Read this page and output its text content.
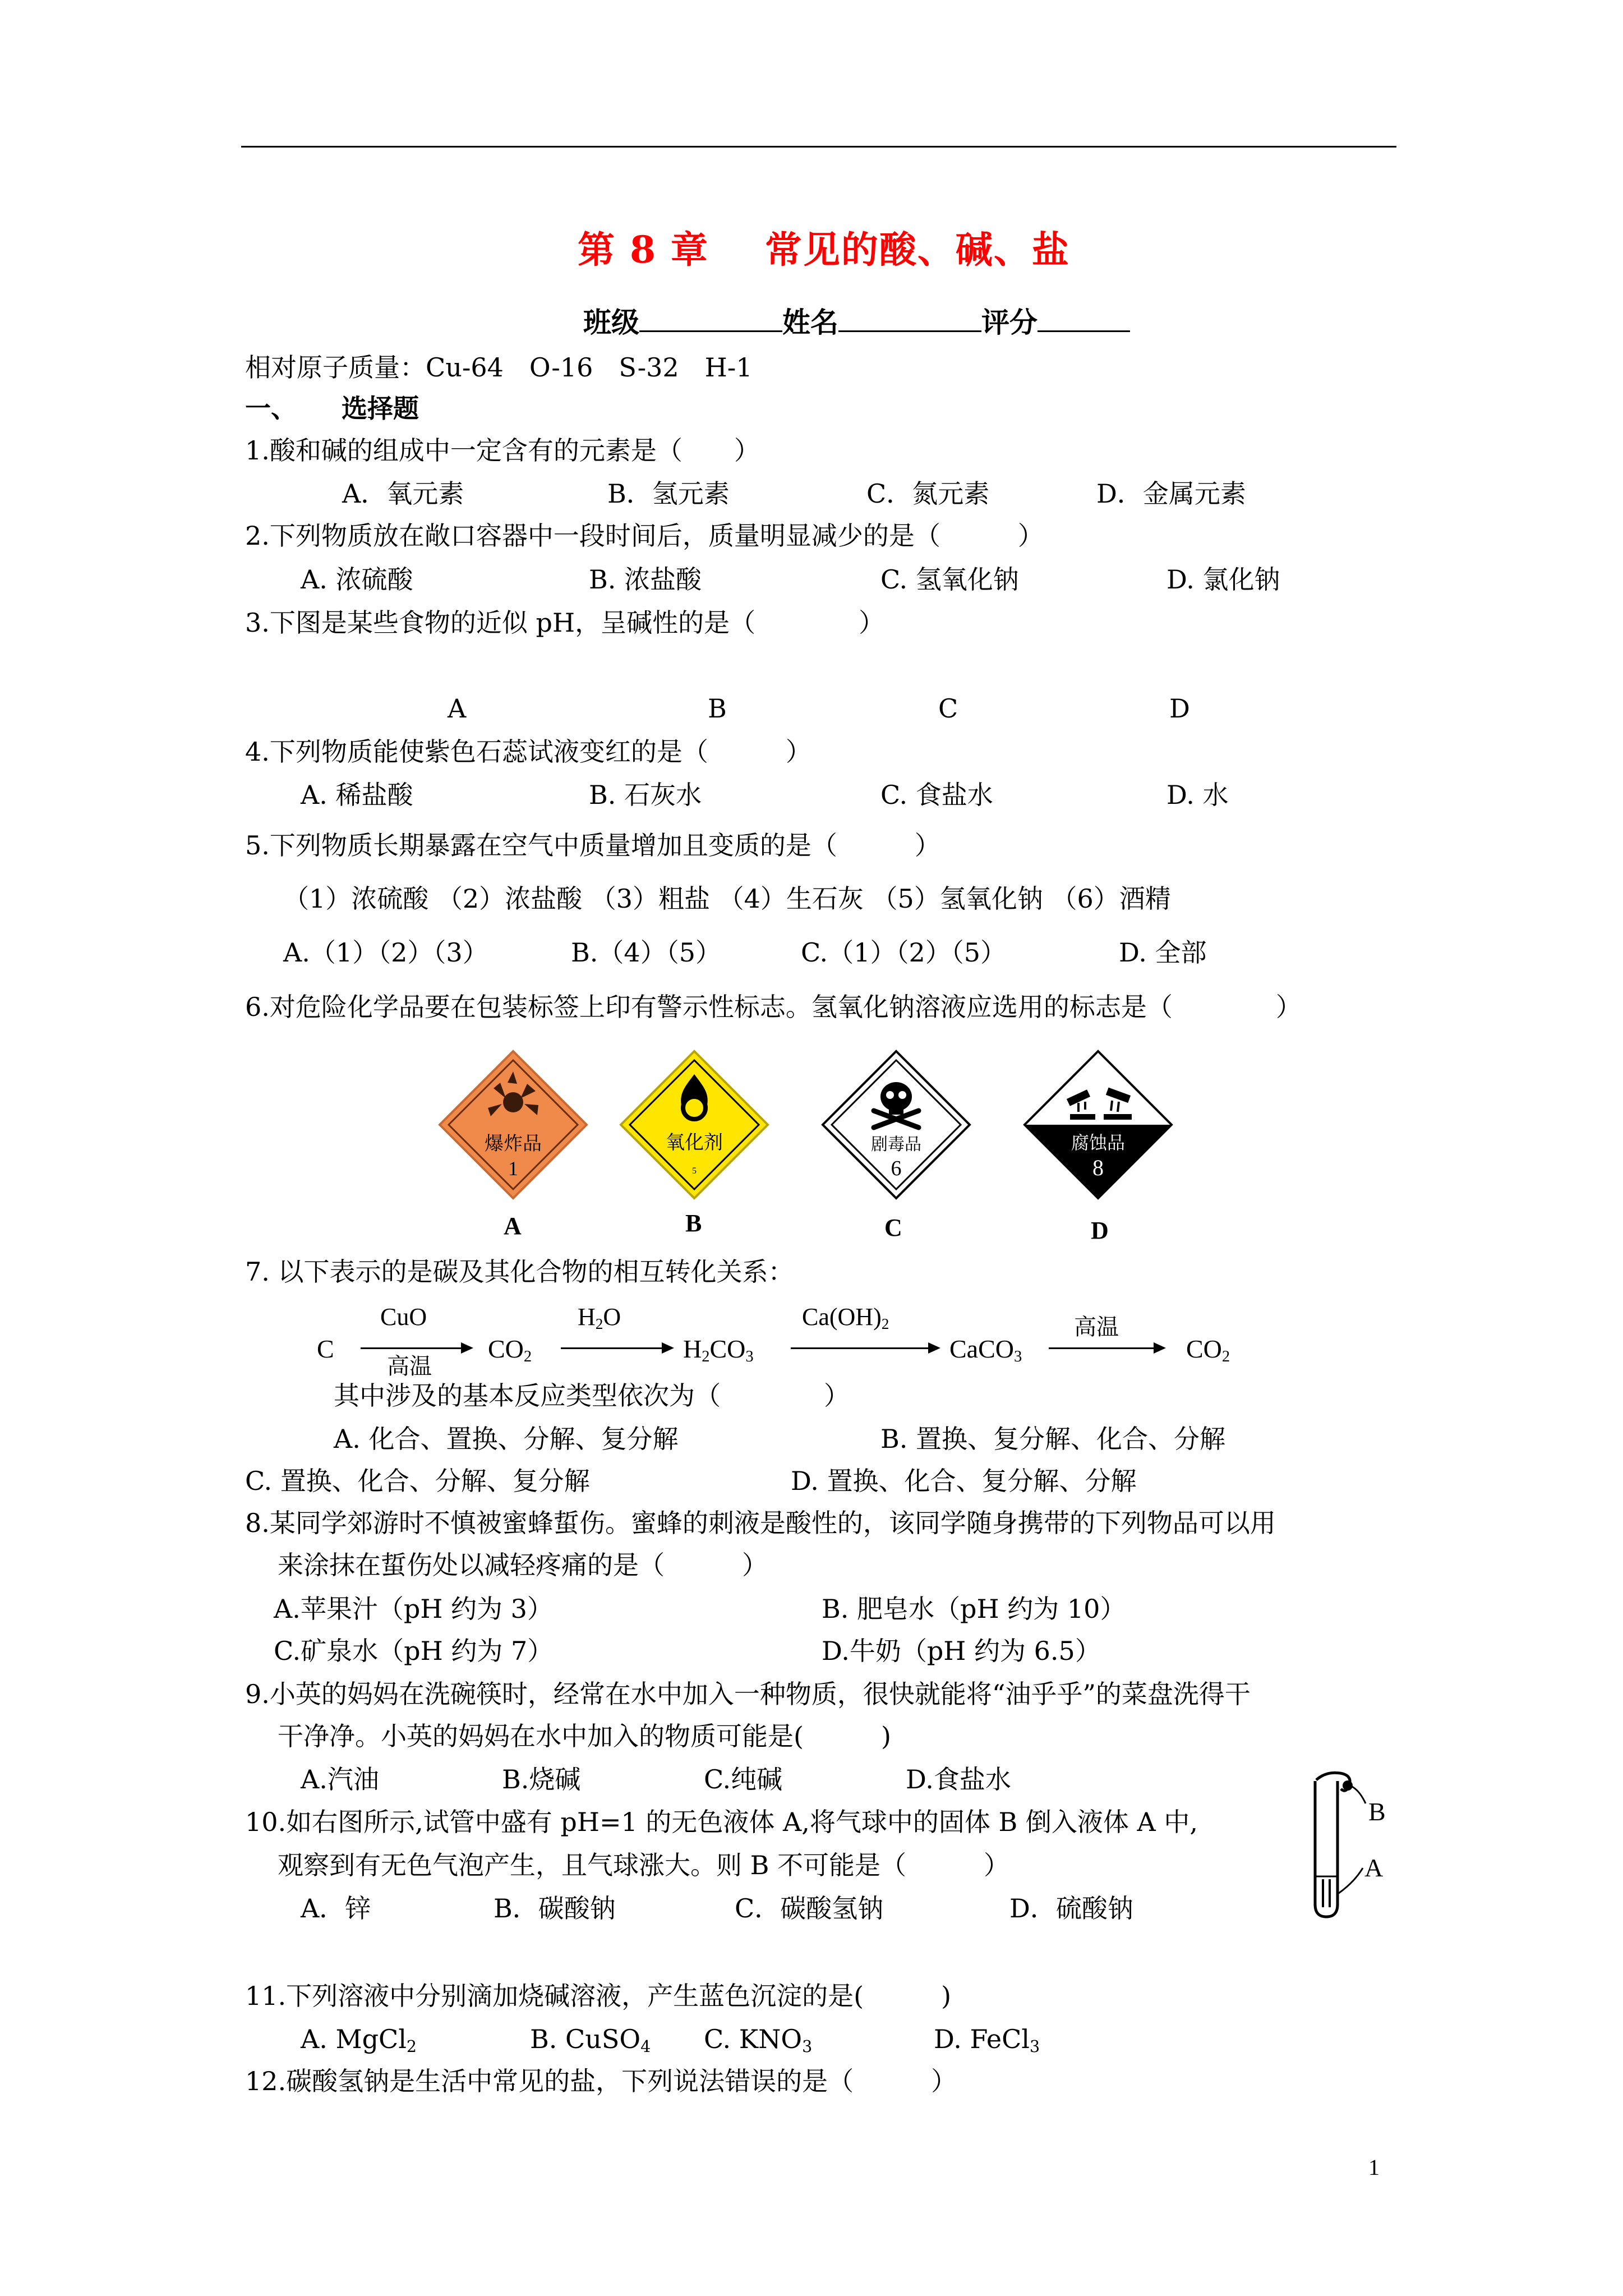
第 8 章 常见的酸、碱、盐
班级	姓名	评分
相对原子质量：Cu-64　O-16　S-32　H-1
一、 选择题
1.酸和碱的组成中一定含有的元素是（　　）
A．氧元素	B．氢元素	C．氮元素	D．金属元素
2.下列物质放在敞口容器中一段时间后，质量明显减少的是（　　　）
A. 浓硫酸	B. 浓盐酸	C. 氢氧化钠	D. 氯化钠
3.下图是某些食物的近似 pH，呈碱性的是（　　　　）
A	B	C	D
4.下列物质能使紫色石蕊试液变红的是（　　　）
A. 稀盐酸	B. 石灰水	C. 食盐水	D. 水
5.下列物质长期暴露在空气中质量增加且变质的是（　　　）
（1）浓硫酸 （2）浓盐酸 （3）粗盐 （4）生石灰 （5）氢氧化钠 （6）酒精
A.（1）（2）（3）	B.（4）（5）	C.（1）（2）（5）	D. 全部
6.对危险化学品要在包装标签上印有警示性标志。氢氧化钠溶液应选用的标志是（　　　　）
爆炸品
1
A
氧化剂
5
B
剧毒品
6
C
腐蚀品
8
D
7. 以下表示的是碳及其化合物的相互转化关系：
C
CuO
高温
$CO_2$
$H_2O$
$H_2CO_3$
$Ca(OH)_2$
CaCO$_3$
高温
$CO_2$
其中涉及的基本反应类型依次为（　　　　）
A. 化合、置换、分解、复分解	B. 置换、复分解、化合、分解
C. 置换、化合、分解、复分解	D. 置换、化合、复分解、分解
8.某同学郊游时不慎被蜜蜂蜇伤。蜜蜂的刺液是酸性的，该同学随身携带的下列物品可以用
来涂抹在蜇伤处以减轻疼痛的是（　　　）
A.苹果汁（pH 约为 3）	B. 肥皂水（pH 约为 10）
C.矿泉水（pH 约为 7）	D.牛奶（pH 约为 6.5）
9.小英的妈妈在洗碗筷时，经常在水中加入一种物质，很快就能将“油乎乎”的菜盘洗得干
干净净。小英的妈妈在水中加入的物质可能是(　　　)
A.汽油	B.烧碱	C.纯碱	D.食盐水
10.如右图所示,试管中盛有 pH=1 的无色液体 A,将气球中的固体 B 倒入液体 A 中,
观察到有无色气泡产生，且气球涨大。则 B 不可能是（　　　）
A．锌	B．碳酸钠	C．碳酸氢钠	D．硫酸钠
B
A
11.下列溶液中分别滴加烧碱溶液，产生蓝色沉淀的是(　　　)
A. MgCl$_2$	B. CuSO$_4$ C. $KNO_3$	D. FeCl$_3$
12.碳酸氢钠是生活中常见的盐，下列说法错误的是（　　　）
1
